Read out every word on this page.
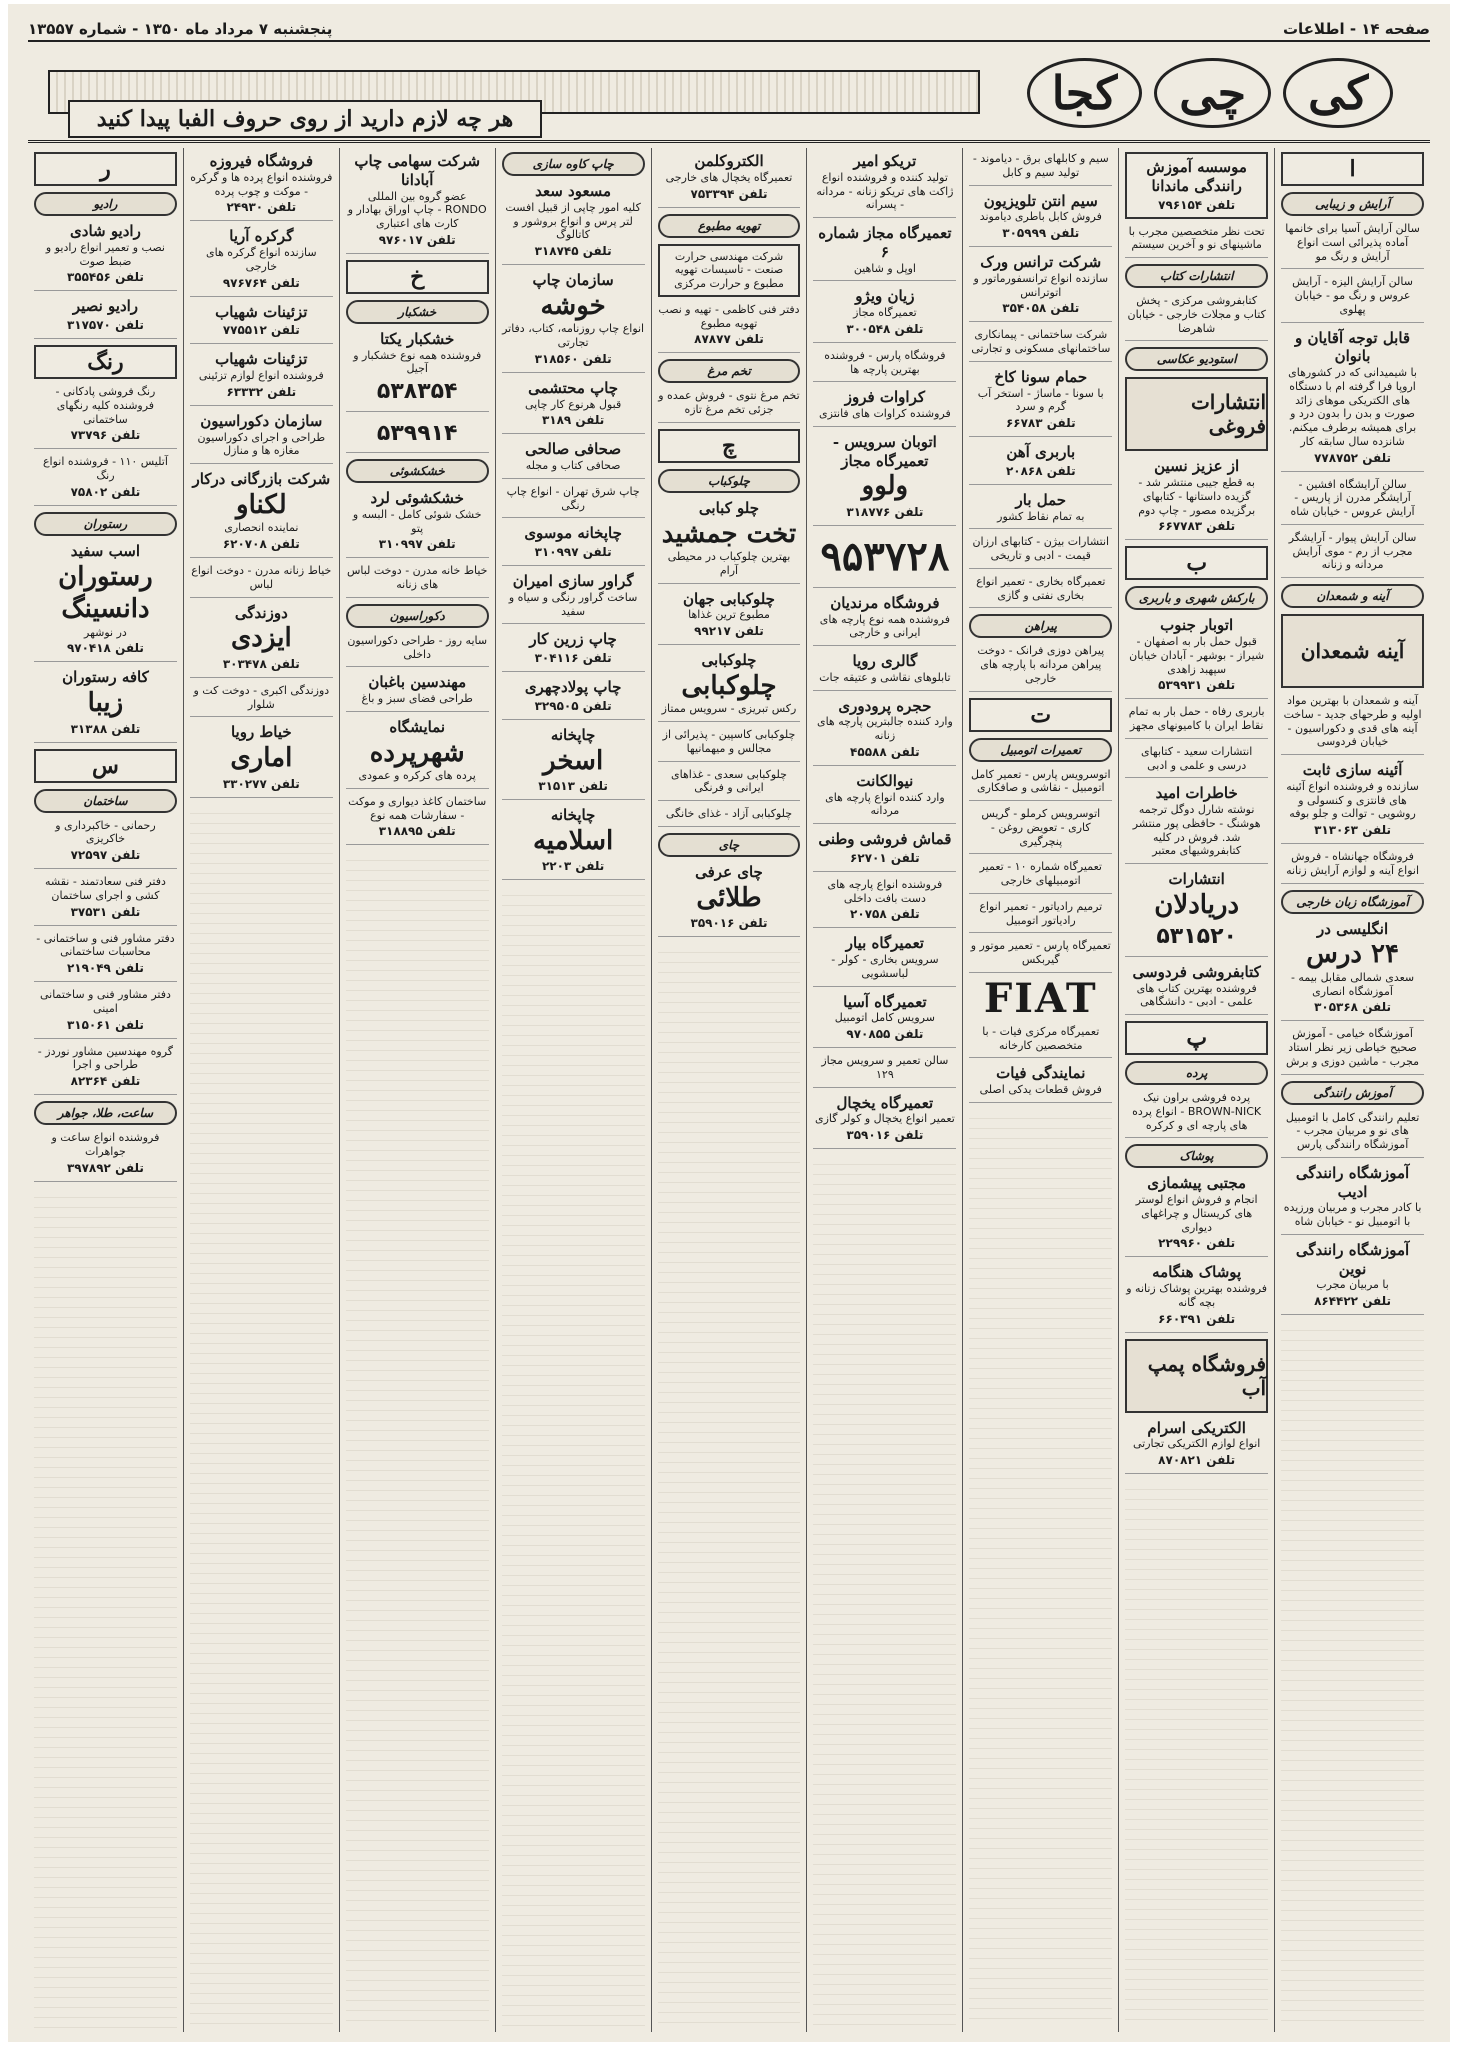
صفحه ۱۴ - اطلاعات
پنجشنبه ۷ مرداد ماه ۱۳۵۰ - شماره ۱۳۵۵۷
کی
چی
کجا
هر چه لازم دارید از روی حروف الفبا پیدا کنید
ا
آرایش و زیبایی
سالن آرایش آسیا برای خانمها آماده پذیرائی است انواع آرایش و رنگ مو
سالن آرایش الیزه - آرایش عروس و رنگ مو - خیابان پهلوی
قابل توجه آقایان و بانوان
با شیمیدانی که در کشورهای اروپا فرا گرفته ام با دستگاه های الکتریکی موهای زائد صورت و بدن را بدون درد و برای همیشه برطرف میکنم. شانزده سال سابقه کار
تلفن ۷۷۸۷۵۲
سالن آرایشگاه افشین - آرایشگر مدرن از پاریس - آرایش عروس - خیابان شاه
سالن آرایش پیوار - آرایشگر مجرب از رم - موی آرایش مردانه و زنانه
آینه و شمعدان
آینه شمعدان
آینه و شمعدان با بهترین مواد اولیه و طرحهای جدید - ساخت آینه های قدی و دکوراسیون - خیابان فردوسی
آئینه سازی ثابت
سازنده و فروشنده انواع آئینه های فانتزی و کنسولی و روشویی - توالت و جلو بوفه
تلفن ۳۱۳۰۶۳
فروشگاه جهانشاه - فروش انواع آینه و لوازم آرایش زنانه
آموزشگاه زبان خارجی
انگلیسی در
۲۴ درس
سعدی شمالی مقابل بیمه - آموزشگاه انصاری
تلفن ۳۰۵۳۶۸
آموزشگاه خیامی - آموزش صحیح خیاطی زیر نظر استاد مجرب - ماشین دوزی و برش
آموزش رانندگی
تعلیم رانندگی کامل با اتومبیل های نو و مربیان مجرب - آموزشگاه رانندگی پارس
آموزشگاه رانندگی ادیب
با کادر مجرب و مربیان ورزیده با اتومبیل نو - خیابان شاه
آموزشگاه رانندگی نوین
با مربیان مجرب
تلفن ۸۶۴۴۲۲
موسسه آموزش رانندگی ماندانا
تلفن ۷۹۶۱۵۴
تحت نظر متخصصین مجرب با ماشینهای نو و آخرین سیستم
انتشارات کتاب
کتابفروشی مرکزی - پخش کتاب و مجلات خارجی - خیابان شاهرضا
استودیو عکاسی
انتشارات فروغی
از عزیز نسین
به قطع جیبی منتشر شد - گزیده داستانها - کتابهای برگزیده مصور - چاپ دوم
تلفن ۶۶۷۷۸۳
ب
بارکش شهری و باربری
اتوبار جنوب
قبول حمل بار به اصفهان - شیراز - بوشهر - آبادان خیابان سپهبد زاهدی
تلفن ۵۳۹۹۳۱
باربری رفاه - حمل بار به تمام نقاط ایران با کامیونهای مجهز
انتشارات سعید - کتابهای درسی و علمی و ادبی
خاطرات امید
نوشته شارل دوگل ترجمه هوشنگ - حافظی پور منتشر شد. فروش در کلیه کتابفروشیهای معتبر
انتشارات
دریادلان
۵۳۱۵۲۰
کتابفروشی فردوسی
فروشنده بهترین کتاب های علمی - ادبی - دانشگاهی
پ
پرده
پرده فروشی براون نیک BROWN-NICK - انواع پرده های پارچه ای و کرکره
پوشاک
مجتبی پیشمازی
انجام و فروش انواع لوستر های کریستال و چراغهای دیواری
تلفن ۲۲۹۹۶۰
پوشاک هنگامه
فروشنده بهترین پوشاک زنانه و بچه گانه
تلفن ۶۶۰۳۹۱
فروشگاه پمپ آب
الکتریکی اسرام
انواع لوازم الکتریکی تجارتی
تلفن ۸۷۰۸۲۱
سیم و کابلهای برق - دیاموند - تولید سیم و کابل
سیم انتن تلویزیون
فروش کابل باطری دیاموند
تلفن ۳۰۵۹۹۹
شرکت ترانس ورک
سازنده انواع ترانسفورماتور و اتوترانس
تلفن ۳۵۴۰۵۸
شرکت ساختمانی - پیمانکاری ساختمانهای مسکونی و تجارتی
حمام سونا کاخ
با سونا - ماساژ - استخر آب گرم و سرد
تلفن ۶۶۷۸۳
باربری آهن
تلفن ۲۰۸۶۸
حمل بار
به تمام نقاط کشور
انتشارات بیژن - کتابهای ارزان قیمت - ادبی و تاریخی
تعمیرگاه بخاری - تعمیر انواع بخاری نفتی و گازی
پیراهن
پیراهن دوزی فرانک - دوخت پیراهن مردانه با پارچه های خارجی
ت
تعمیرات اتومبیل
اتوسرویس پارس - تعمیر کامل اتومبیل - نقاشی و صافکاری
اتوسرویس کرملو - گریس کاری - تعویض روغن - پنچرگیری
تعمیرگاه شماره ۱۰ - تعمیر اتومبیلهای خارجی
ترمیم رادیاتور - تعمیر انواع رادیاتور اتومبیل
تعمیرگاه پارس - تعمیر موتور و گیربکس
FIAT
تعمیرگاه مرکزی فیات - با متخصصین کارخانه
نمایندگی فیات
فروش قطعات یدکی اصلی
تریکو امیر
تولید کننده و فروشنده انواع ژاکت های تریکو زنانه - مردانه - پسرانه
تعمیرگاه مجاز شماره ۶
اوپل و شاهین
زیان ویژو
تعمیرگاه مجاز
تلفن ۳۰۰۵۴۸
فروشگاه پارس - فروشنده بهترین پارچه ها
کراوات فروز
فروشنده کراوات های فانتزی
اتوبان سرویس - تعمیرگاه مجاز
ولوو
تلفن ۳۱۸۷۷۶
۹۵۳۷۲۸
فروشگاه مرندیان
فروشنده همه نوع پارچه های ایرانی و خارجی
گالری رویا
تابلوهای نقاشی و عتیقه جات
حجره پرودوری
وارد کننده جالبترین پارچه های زنانه
تلفن ۴۵۵۸۸
نیوالکانت
وارد کننده انواع پارچه های مردانه
قماش فروشی وطنی
تلفن ۶۲۷۰۱
فروشنده انواع پارچه های دست بافت داخلی
تلفن ۲۰۷۵۸
تعمیرگاه بیار
سرویس بخاری - کولر - لباسشویی
تعمیرگاه آسیا
سرویس کامل اتومبیل
تلفن ۹۷۰۸۵۵
سالن تعمیر و سرویس مجاز ۱۲۹
تعمیرگاه یخچال
تعمیر انواع یخچال و کولر گازی
تلفن ۳۵۹۰۱۶
الکتروکلمن
تعمیرگاه یخچال های خارجی
تلفن ۷۵۳۳۹۴
تهویه مطبوع
شرکت مهندسی حرارت صنعت - تاسیسات تهویه مطبوع و حرارت مرکزی
دفتر فنی کاظمی - تهیه و نصب تهویه مطبوع
تلفن ۸۷۸۷۷
تخم مرغ
تخم مرغ نتوی - فروش عمده و جزئی تخم مرغ تازه
چ
چلوکباب
چلو کبابی
تخت جمشید
بهترین چلوکباب در محیطی آرام
چلوکبابی جهان
مطبوع ترین غذاها
تلفن ۹۹۲۱۷
چلوکبابی
چلوکبابی
رکس تبریزی - سرویس ممتاز
چلوکبابی کاسپین - پذیرائی از مجالس و میهمانیها
چلوکبابی سعدی - غذاهای ایرانی و فرنگی
چلوکبابی آزاد - غذای خانگی
چای
چای عرفی
طلائی
تلفن ۳۵۹۰۱۶
چاپ کاوه سازی
مسعود سعد
کلیه امور چاپی از قبیل افست لتر پرس و انواع بروشور و کاتالوگ
تلفن ۳۱۸۷۴۵
سازمان چاپ
خوشه
انواع چاپ روزنامه، کتاب، دفاتر تجارتی
تلفن ۳۱۸۵۶۰
چاپ محتشمی
قبول هرنوع کار چاپی
تلفن ۳۱۸۹
صحافی صالحی
صحافی کتاب و مجله
چاپ شرق تهران - انواع چاپ رنگی
چاپخانه موسوی
تلفن ۳۱۰۹۹۷
گراور سازی امیران
ساخت گراور رنگی و سیاه و سفید
چاپ زرین کار
تلفن ۳۰۴۱۱۶
چاپ پولادچهری
تلفن ۳۲۹۵۰۵
چاپخانه
اسخر
تلفن ۳۱۵۱۳
چاپخانه
اسلامیه
تلفن ۲۲۰۳
شرکت سهامی چاپ آبادانا
عضو گروه بین المللی RONDO - چاپ اوراق بهادار و کارت های اعتباری
تلفن ۹۷۶۰۱۷
خ
خشکبار
خشکبار یکتا
فروشنده همه نوع خشکبار و آجیل
۵۳۸۳۵۴
۵۳۹۹۱۴
خشکشوئی
خشکشوئی لرد
خشک شوئی کامل - البسه و پتو
تلفن ۳۱۰۹۹۷
خیاط خانه مدرن - دوخت لباس های زنانه
دکوراسیون
سایه روز - طراحی دکوراسیون داخلی
مهندسین باغبان
طراحی فضای سبز و باغ
نمایشگاه
شهرپرده
پرده های کرکره و عمودی
ساختمان کاغذ دیواری و موکت - سفارشات همه نوع
تلفن ۳۱۸۸۹۵
فروشگاه فیروزه
فروشنده انواع پرده ها و گرکره - موکت و چوب پرده
تلفن ۲۴۹۳۰
گرکره آریا
سازنده انواع گرکره های خارجی
تلفن ۹۷۶۷۶۴
تزئینات شهیاب
تلفن ۷۷۵۵۱۲
تزئینات شهیاب
فروشنده انواع لوازم تزئینی
تلفن ۶۳۳۳۲
سازمان دکوراسیون
طراحی و اجرای دکوراسیون مغازه ها و منازل
شرکت بازرگانی درکار
لکناو
نماینده انحصاری
تلفن ۶۲۰۷۰۸
خیاط زنانه مدرن - دوخت انواع لباس
دوزندگی
ایزدی
تلفن ۳۰۳۴۷۸
دوزندگی اکبری - دوخت کت و شلوار
خیاط رویا
اماری
تلفن ۳۳۰۲۷۷
ر
رادیو
رادیو شادی
نصب و تعمیر انواع رادیو و ضبط صوت
تلفن ۳۵۵۴۵۶
رادیو نصیر
تلفن ۳۱۷۵۷۰
رنگ
رنگ فروشی پادکانی - فروشنده کلیه رنگهای ساختمانی
تلفن ۷۳۷۹۶
آتلیس ۱۱۰ - فروشنده انواع رنگ
تلفن ۷۵۸۰۲
رستوران
اسب سفید
رستوران دانسینگ
در نوشهر
تلفن ۹۷۰۴۱۸
کافه رستوران
زیبا
تلفن ۳۱۳۸۸
س
ساختمان
رحمانی - خاکبرداری و خاکریزی
تلفن ۷۲۵۹۷
دفتر فنی سعادتمند - نقشه کشی و اجرای ساختمان
تلفن ۳۷۵۳۱
دفتر مشاور فنی و ساختمانی - محاسبات ساختمانی
تلفن ۲۱۹۰۴۹
دفتر مشاور فنی و ساختمانی امینی
تلفن ۳۱۵۰۶۱
گروه مهندسین مشاور نوردز - طراحی و اجرا
تلفن ۸۲۳۶۴
ساعت، طلا، جواهر
فروشنده انواع ساعت و جواهرات
تلفن ۳۹۷۸۹۲
